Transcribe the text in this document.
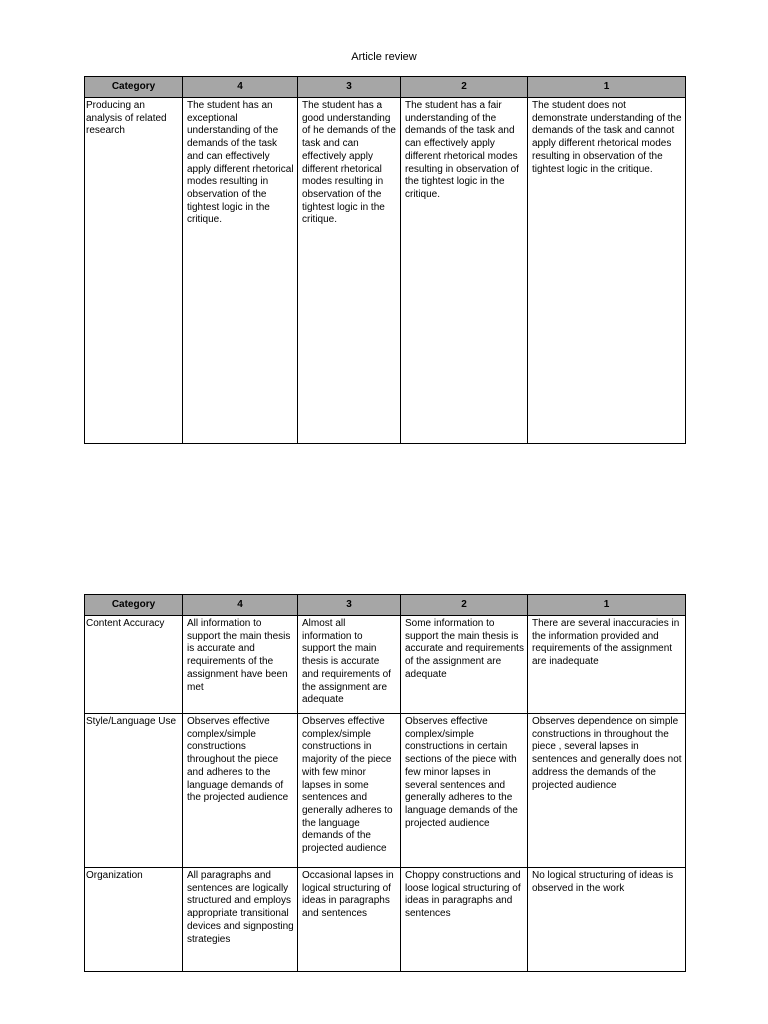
Article review
Category	4	3	2	1
Producing an analysis of related research	The student has an exceptional understanding of the demands of the task and can effectively apply different rhetorical modes resulting in observation of the tightest logic in the critique.	The student has a good understanding of he demands of the task and can effectively apply different rhetorical modes resulting in observation of the tightest logic in the critique.	The student has a fair understanding of the demands of the task and can effectively apply different rhetorical modes resulting in observation of the tightest logic in the critique.	The student does not demonstrate understanding of the demands of the task and cannot apply different rhetorical modes resulting in observation of the tightest logic in the critique.
Category	4	3	2	1
Content Accuracy	All information to support the main thesis is accurate and requirements of the assignment have been met	Almost all information to support the main thesis is accurate and requirements of the assignment are adequate	Some information to support the main thesis is accurate and requirements of the assignment are adequate	There are several inaccuracies in the information provided and requirements of the assignment are inadequate
Style/Language Use	Observes effective complex/simple constructions throughout the piece and adheres to the language demands of the projected audience	Observes effective complex/simple constructions in majority of the piece with few minor lapses in some sentences and generally adheres to the language demands of the projected audience	Observes effective complex/simple constructions in certain sections of the piece with few minor lapses in several sentences and generally adheres to the language demands of the projected audience	Observes dependence on simple constructions in throughout the piece , several lapses in sentences and generally does not address the demands of the projected audience
Organization	All paragraphs and sentences are logically structured and employs appropriate transitional devices and signposting strategies	Occasional lapses in logical structuring of ideas in paragraphs and sentences	Choppy constructions and loose logical structuring of ideas in paragraphs and sentences	No logical structuring of ideas is observed in the work
